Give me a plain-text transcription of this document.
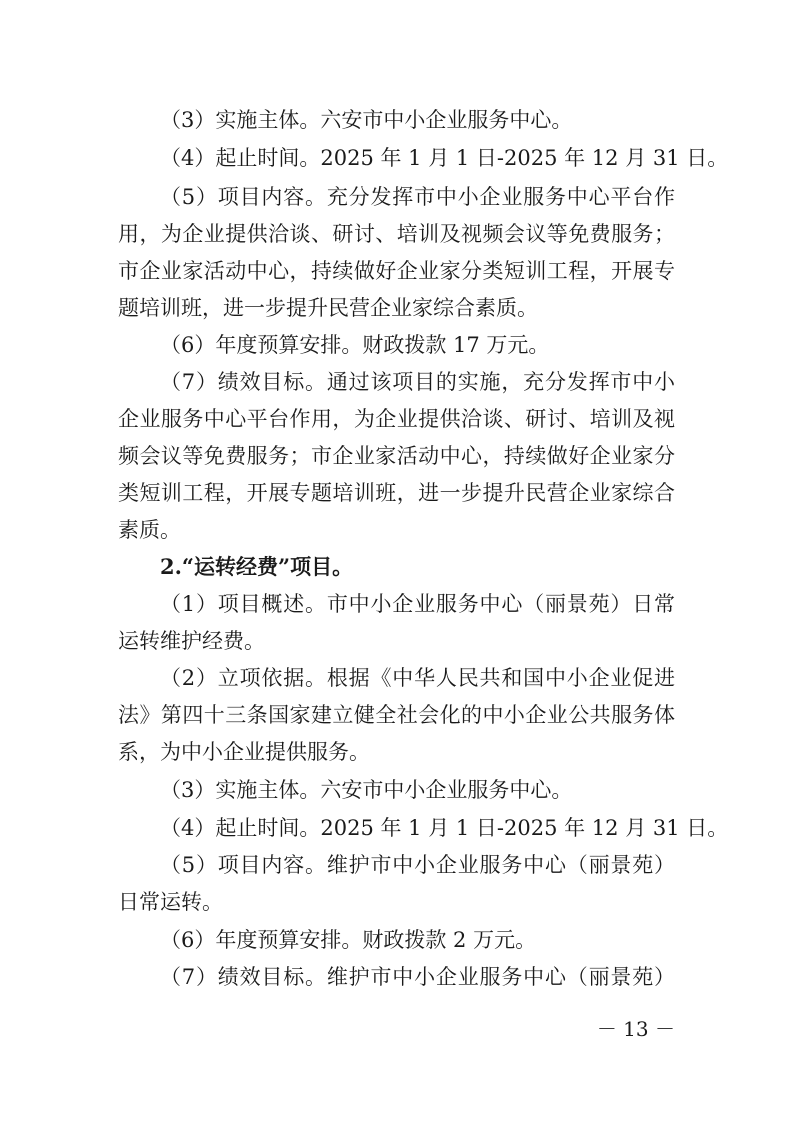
（3）实施主体。六安市中小企业服务中心。

（4）起止时间。2025 年 1 月 1 日-2025 年 12 月 31 日。

（5）项目内容。充分发挥市中小企业服务中心平台作

用，为企业提供洽谈、研讨、培训及视频会议等免费服务；

市企业家活动中心，持续做好企业家分类短训工程，开展专

题培训班，进一步提升民营企业家综合素质。

（6）年度预算安排。财政拨款 17 万元。

（7）绩效目标。通过该项目的实施，充分发挥市中小

企业服务中心平台作用，为企业提供洽谈、研讨、培训及视

频会议等免费服务；市企业家活动中心，持续做好企业家分

类短训工程，开展专题培训班，进一步提升民营企业家综合

素质。

2.“运转经费”项目。

（1）项目概述。市中小企业服务中心（丽景苑）日常

运转维护经费。

（2）立项依据。根据《中华人民共和国中小企业促进

法》第四十三条国家建立健全社会化的中小企业公共服务体

系，为中小企业提供服务。

（3）实施主体。六安市中小企业服务中心。

（4）起止时间。2025 年 1 月 1 日-2025 年 12 月 31 日。

（5）项目内容。维护市中小企业服务中心（丽景苑）

日常运转。

（6）年度预算安排。财政拨款 2 万元。

（7）绩效目标。维护市中小企业服务中心（丽景苑）

－ 13 －
